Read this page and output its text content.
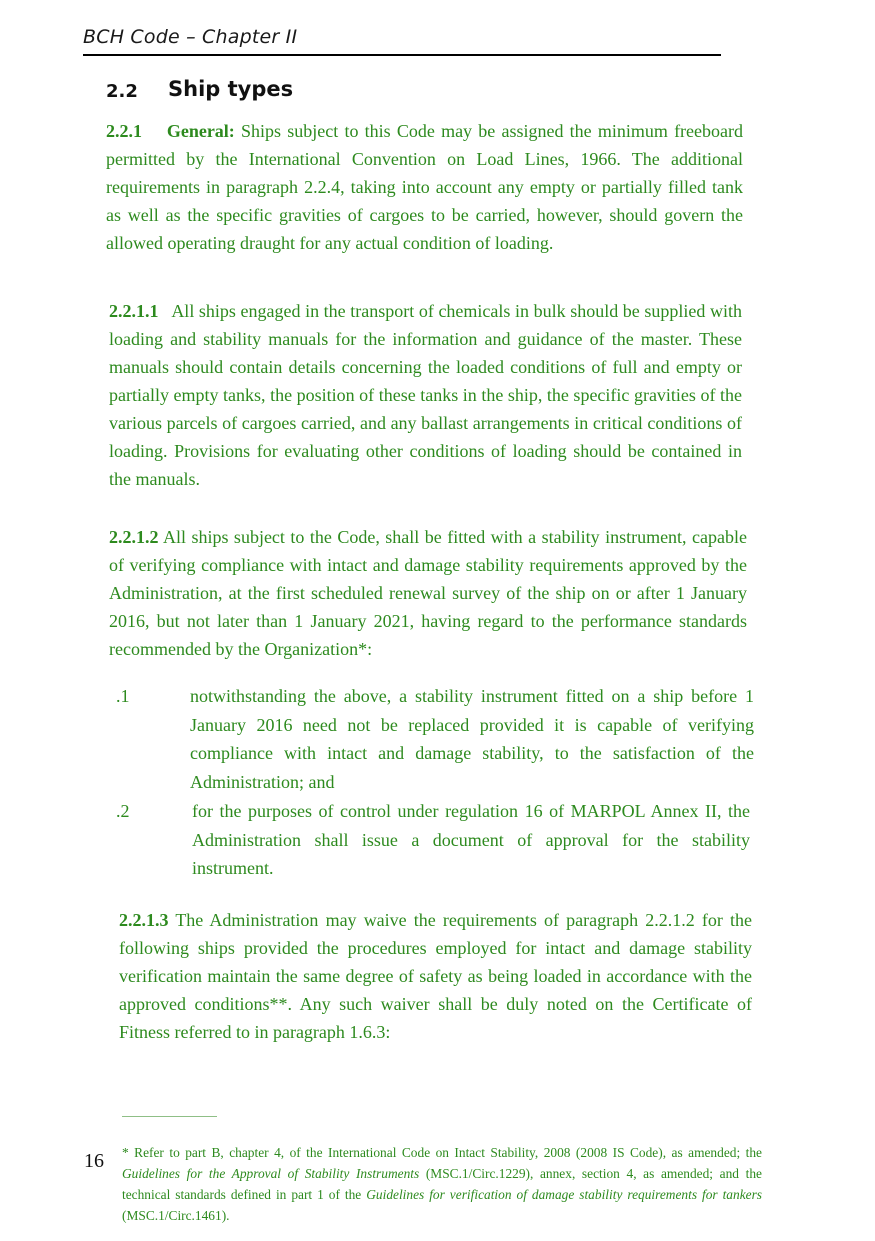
BCH Code – Chapter II
2.2 Ship types
2.2.1 General: Ships subject to this Code may be assigned the minimum freeboard permitted by the International Convention on Load Lines, 1966. The additional requirements in paragraph 2.2.4, taking into account any empty or partially filled tank as well as the specific gravities of cargoes to be carried, however, should govern the allowed operating draught for any actual condition of loading.
2.2.1.1 All ships engaged in the transport of chemicals in bulk should be supplied with loading and stability manuals for the information and guidance of the master. These manuals should contain details concerning the loaded conditions of full and empty or partially empty tanks, the position of these tanks in the ship, the specific gravities of the various parcels of cargoes carried, and any ballast arrangements in critical conditions of loading. Provisions for evaluating other conditions of loading should be contained in the manuals.
2.2.1.2 All ships subject to the Code, shall be fitted with a stability instrument, capable of verifying compliance with intact and damage stability requirements approved by the Administration, at the first scheduled renewal survey of the ship on or after 1 January 2016, but not later than 1 January 2021, having regard to the performance standards recommended by the Organization*:
.1	notwithstanding the above, a stability instrument fitted on a ship before 1 January 2016 need not be replaced provided it is capable of verifying compliance with intact and damage stability, to the satisfaction of the Administration; and
.2	for the purposes of control under regulation 16 of MARPOL Annex II, the Administration shall issue a document of approval for the stability instrument.
2.2.1.3 The Administration may waive the requirements of paragraph 2.2.1.2 for the following ships provided the procedures employed for intact and damage stability verification maintain the same degree of safety as being loaded in accordance with the approved conditions**. Any such waiver shall be duly noted on the Certificate of Fitness referred to in paragraph 1.6.3:
16 * Refer to part B, chapter 4, of the International Code on Intact Stability, 2008 (2008 IS Code), as amended; the Guidelines for the Approval of Stability Instruments (MSC.1/Circ.1229), annex, section 4, as amended; and the technical standards defined in part 1 of the Guidelines for verification of damage stability requirements for tankers (MSC.1/Circ.1461).
